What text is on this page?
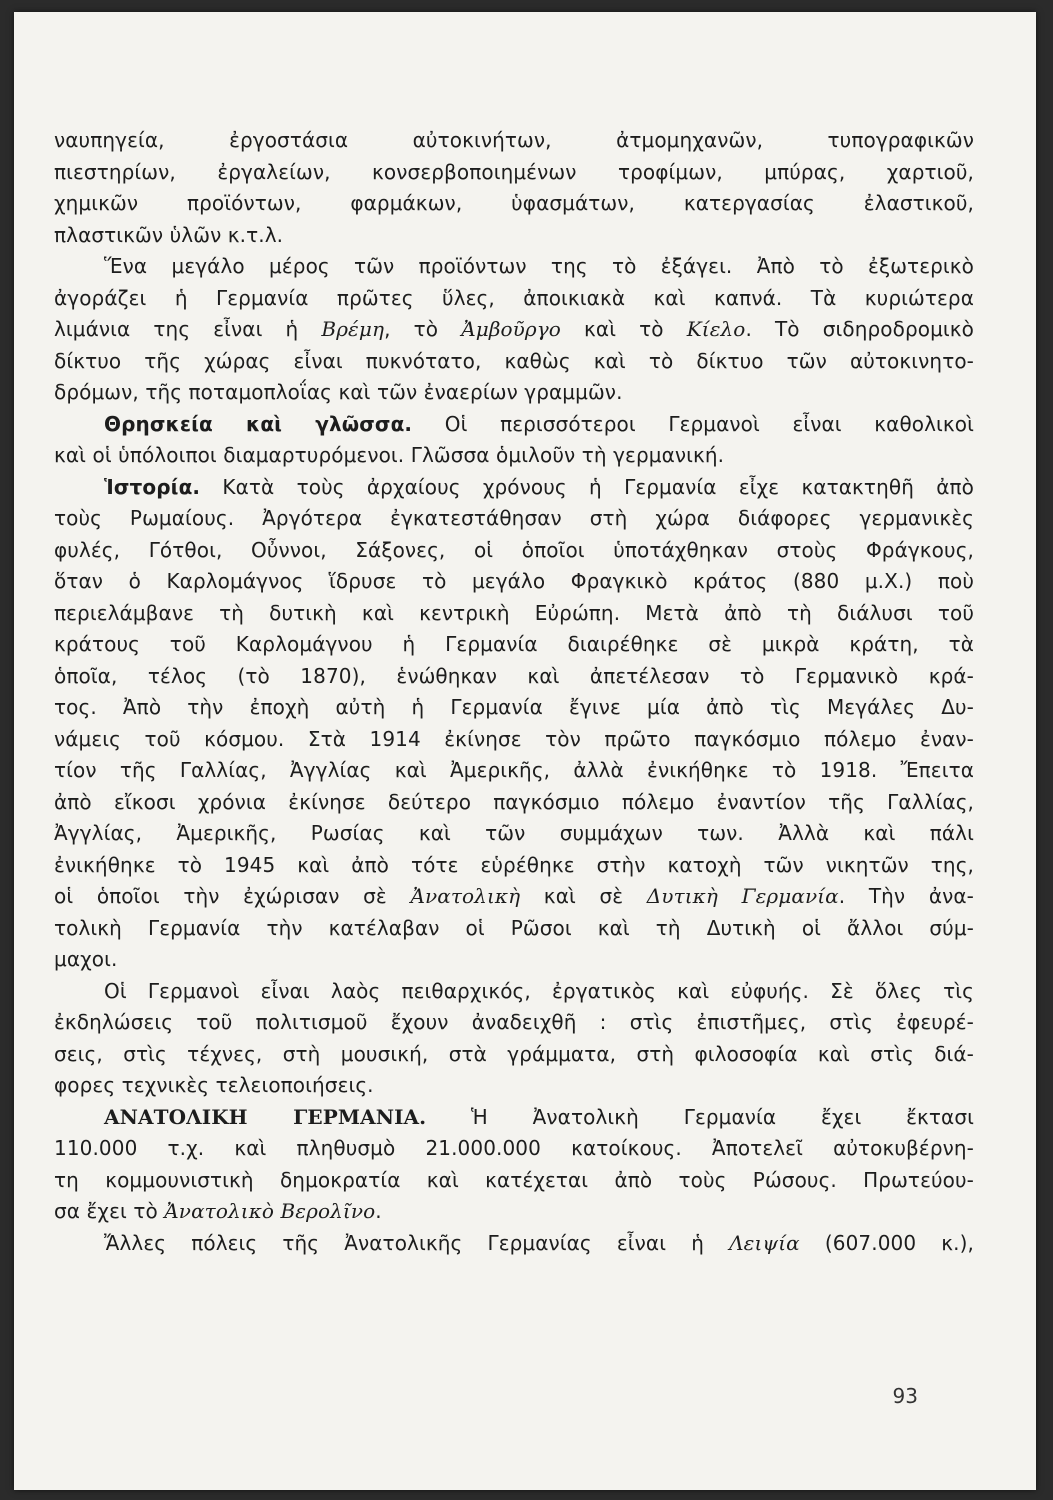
ναυπηγεία, ἐργοστάσια αὐτοκινήτων, ἀτμομηχανῶν, τυπογραφικῶν
πιεστηρίων, ἐργαλείων, κονσερβοποιημένων τροφίμων, μπύρας, χαρτιοῦ,
χημικῶν προϊόντων, φαρμάκων, ὑφασμάτων, κατεργασίας ἐλαστικοῦ,
πλαστικῶν ὑλῶν κ.τ.λ.
Ἕνα μεγάλο μέρος τῶν προϊόντων της τὸ ἐξάγει. Ἀπὸ τὸ ἐξωτερικὸ
ἀγοράζει ἡ Γερμανία πρῶτες ὕλες, ἀποικιακὰ καὶ καπνά. Τὰ κυριώτερα
λιμάνια της εἶναι ἡ Βρέμη, τὸ Ἀμβοῦργο καὶ τὸ Κίελο. Τὸ σιδηροδρομικὸ
δίκτυο τῆς χώρας εἶναι πυκνότατο, καθὼς καὶ τὸ δίκτυο τῶν αὐτοκινητο-
δρόμων, τῆς ποταμοπλοΐας καὶ τῶν ἐναερίων γραμμῶν.
Θρησκεία καὶ γλῶσσα. Οἱ περισσότεροι Γερμανοὶ εἶναι καθολικοὶ
καὶ οἱ ὑπόλοιποι διαμαρτυρόμενοι. Γλῶσσα ὁμιλοῦν τὴ γερμανική.
Ἱστορία. Κατὰ τοὺς ἀρχαίους χρόνους ἡ Γερμανία εἶχε κατακτηθῆ ἀπὸ
τοὺς Ρωμαίους. Ἀργότερα ἐγκατεστάθησαν στὴ χώρα διάφορες γερμανικὲς
φυλές, Γότθοι, Οὖννοι, Σάξονες, οἱ ὁποῖοι ὑποτάχθηκαν στοὺς Φράγκους,
ὅταν ὁ Καρλομάγνος ἵδρυσε τὸ μεγάλο Φραγκικὸ κράτος (880 μ.Χ.) ποὺ
περιελάμβανε τὴ δυτικὴ καὶ κεντρικὴ Εὐρώπη. Μετὰ ἀπὸ τὴ διάλυσι τοῦ
κράτους τοῦ Καρλομάγνου ἡ Γερμανία διαιρέθηκε σὲ μικρὰ κράτη, τὰ
ὁποῖα, τέλος (τὸ 1870), ἑνώθηκαν καὶ ἀπετέλεσαν τὸ Γερμανικὸ κρά-
τος. Ἀπὸ τὴν ἐποχὴ αὐτὴ ἡ Γερμανία ἔγινε μία ἀπὸ τὶς Μεγάλες Δυ-
νάμεις τοῦ κόσμου. Στὰ 1914 ἐκίνησε τὸν πρῶτο παγκόσμιο πόλεμο ἐναν-
τίον τῆς Γαλλίας, Ἀγγλίας καὶ Ἀμερικῆς, ἀλλὰ ἐνικήθηκε τὸ 1918. Ἔπειτα
ἀπὸ εἴκοσι χρόνια ἐκίνησε δεύτερο παγκόσμιο πόλεμο ἐναντίον τῆς Γαλλίας,
Ἀγγλίας, Ἀμερικῆς, Ρωσίας καὶ τῶν συμμάχων των. Ἀλλὰ καὶ πάλι
ἐνικήθηκε τὸ 1945 καὶ ἀπὸ τότε εὑρέθηκε στὴν κατοχὴ τῶν νικητῶν της,
οἱ ὁποῖοι τὴν ἐχώρισαν σὲ Ἀνατολικὴ καὶ σὲ Δυτικὴ Γερμανία. Τὴν ἀνα-
τολικὴ Γερμανία τὴν κατέλαβαν οἱ Ρῶσοι καὶ τὴ Δυτικὴ οἱ ἄλλοι σύμ-
μαχοι.
Οἱ Γερμανοὶ εἶναι λαὸς πειθαρχικός, ἐργατικὸς καὶ εὐφυής. Σὲ ὅλες τὶς
ἐκδηλώσεις τοῦ πολιτισμοῦ ἔχουν ἀναδειχθῆ : στὶς ἐπιστῆμες, στὶς ἐφευρέ-
σεις, στὶς τέχνες, στὴ μουσική, στὰ γράμματα, στὴ φιλοσοφία καὶ στὶς διά-
φορες τεχνικὲς τελειοποιήσεις.
ΑΝΑΤΟΛΙΚΗ ΓΕΡΜΑΝΙΑ. Ἡ Ἀνατολικὴ Γερμανία ἔχει ἔκτασι
110.000 τ.χ. καὶ πληθυσμὸ 21.000.000 κατοίκους. Ἀποτελεῖ αὐτοκυβέρνη-
τη κομμουνιστικὴ δημοκρατία καὶ κατέχεται ἀπὸ τοὺς Ρώσους. Πρωτεύου-
σα ἔχει τὸ Ἀνατολικὸ Βερολῖνο.
Ἄλλες πόλεις τῆς Ἀνατολικῆς Γερμανίας εἶναι ἡ Λειψία (607.000 κ.),
93
